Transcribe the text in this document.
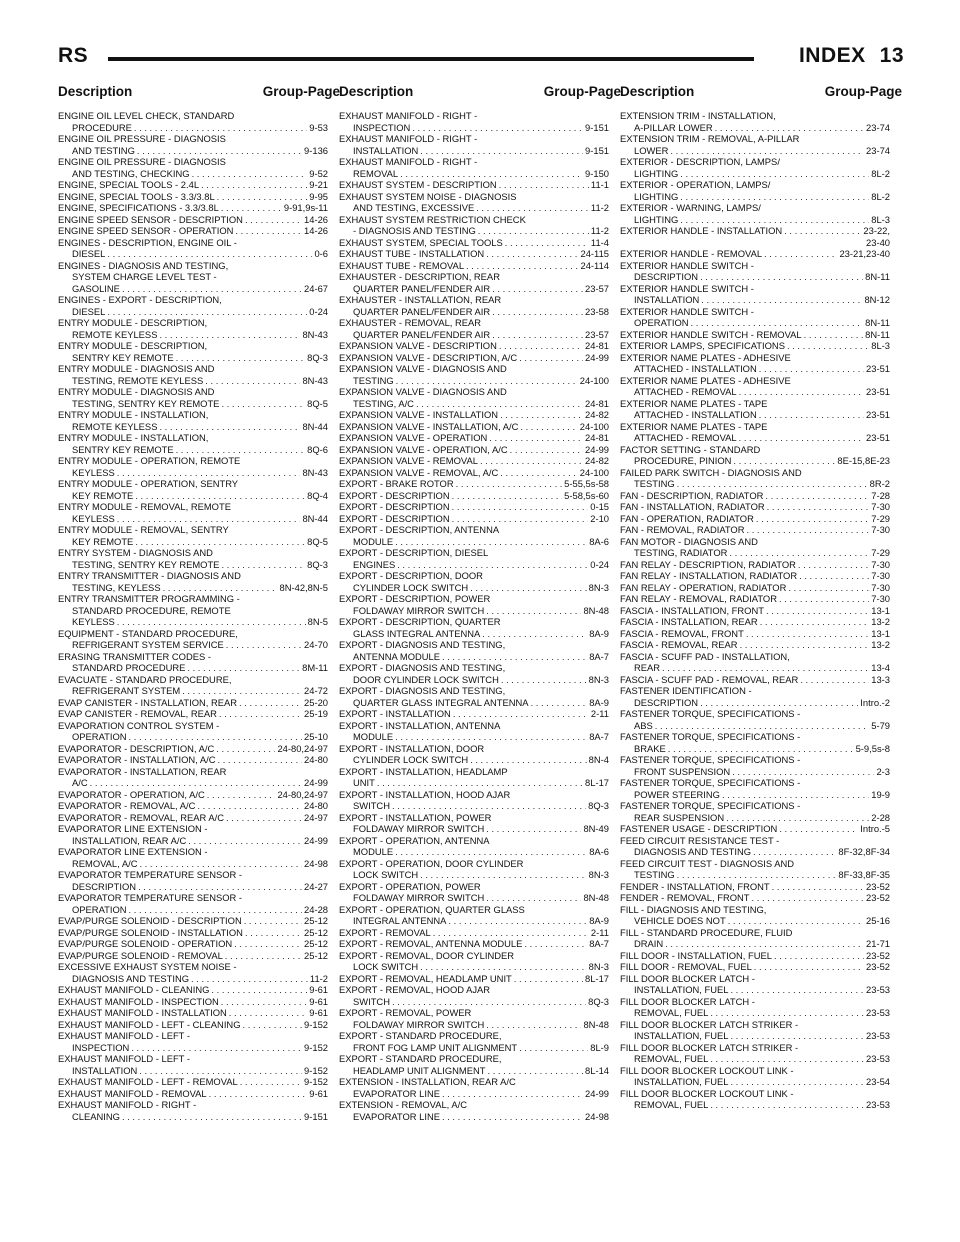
RS	INDEX 13
Description	Group-Page Description	Group-Page Description	Group-Page
ENGINE OIL LEVEL CHECK, STANDARD
PROCEDURE . . .	9-53
ENGINE OIL PRESSURE - DIAGNOSIS
AND TESTING . . .	9-136
ENGINE OIL PRESSURE - DIAGNOSIS
AND TESTING, CHECKING . . .	9-52
ENGINE, SPECIAL TOOLS - 2.4L . . .	9-21
ENGINE, SPECIAL TOOLS - 3.3/3.8L . . .	9-95
ENGINE, SPECIFICATIONS - 3.3/3.8L . . .	9-91,9s-11
ENGINE SPEED SENSOR - DESCRIPTION . . .	14-26
ENGINE SPEED SENSOR - OPERATION . . .	14-26
ENGINES - DESCRIPTION, ENGINE OIL -
DIESEL . . .	0-6
ENGINES - DIAGNOSIS AND TESTING,
SYSTEM CHARGE LEVEL TEST -
GASOLINE . . .	24-67
ENGINES - EXPORT - DESCRIPTION,
DIESEL . . .	0-24
ENTRY MODULE - DESCRIPTION,
REMOTE KEYLESS . . .	8N-43
ENTRY MODULE - DESCRIPTION,
SENTRY KEY REMOTE . . .	8Q-3
ENTRY MODULE - DIAGNOSIS AND
TESTING, REMOTE KEYLESS . . .	8N-43
ENTRY MODULE - DIAGNOSIS AND
TESTING, SENTRY KEY REMOTE . . .	8Q-5
ENTRY MODULE - INSTALLATION,
REMOTE KEYLESS . . .	8N-44
ENTRY MODULE - INSTALLATION,
SENTRY KEY REMOTE . . .	8Q-6
ENTRY MODULE - OPERATION, REMOTE
KEYLESS . . .	8N-43
ENTRY MODULE - OPERATION, SENTRY
KEY REMOTE . . .	8Q-4
ENTRY MODULE - REMOVAL, REMOTE
KEYLESS . . .	8N-44
ENTRY MODULE - REMOVAL, SENTRY
KEY REMOTE . . .	8Q-5
ENTRY SYSTEM - DIAGNOSIS AND
TESTING, SENTRY KEY REMOTE . . .	8Q-3
ENTRY TRANSMITTER - DIAGNOSIS AND
TESTING, KEYLESS . . .	8N-42,8N-5
ENTRY TRANSMITTER PROGRAMMING -
STANDARD PROCEDURE, REMOTE
KEYLESS . . .	8N-5
EQUIPMENT - STANDARD PROCEDURE,
REFRIGERANT SYSTEM SERVICE . . .	24-70
ERASING TRANSMITTER CODES -
STANDARD PROCEDURE . . .	8M-11
EVACUATE - STANDARD PROCEDURE,
REFRIGERANT SYSTEM . . .	24-72
EVAP CANISTER - INSTALLATION, REAR . . .	25-20
EVAP CANISTER - REMOVAL, REAR . . .	25-19
EVAPORATION CONTROL SYSTEM -
OPERATION . . .	25-10
EVAPORATOR - DESCRIPTION, A/C . . .	24-80,24-97
EVAPORATOR - INSTALLATION, A/C . . .	24-80
EVAPORATOR - INSTALLATION, REAR
A/C . . .	24-99
EVAPORATOR - OPERATION, A/C . . .	24-80,24-97
EVAPORATOR - REMOVAL, A/C . . .	24-80
EVAPORATOR - REMOVAL, REAR A/C . . .	24-97
EVAPORATOR LINE EXTENSION -
INSTALLATION, REAR A/C . . .	24-99
EVAPORATOR LINE EXTENSION -
REMOVAL, A/C . . .	24-98
EVAPORATOR TEMPERATURE SENSOR -
DESCRIPTION . . .	24-27
EVAPORATOR TEMPERATURE SENSOR -
OPERATION . . .	24-28
EVAP/PURGE SOLENOID - DESCRIPTION . . .	25-12
EVAP/PURGE SOLENOID - INSTALLATION . . .	25-12
EVAP/PURGE SOLENOID - OPERATION . . .	25-12
EVAP/PURGE SOLENOID - REMOVAL . . .	25-12
EXCESSIVE EXHAUST SYSTEM NOISE -
DIAGNOSIS AND TESTING . . .	11-2
EXHAUST MANIFOLD - CLEANING . . .	9-61
EXHAUST MANIFOLD - INSPECTION . . .	9-61
EXHAUST MANIFOLD - INSTALLATION . . .	9-61
EXHAUST MANIFOLD - LEFT - CLEANING . . .	9-152
EXHAUST MANIFOLD - LEFT -
INSPECTION . . .	9-152
EXHAUST MANIFOLD - LEFT -
INSTALLATION . . .	9-152
EXHAUST MANIFOLD - LEFT - REMOVAL . . .	9-152
EXHAUST MANIFOLD - REMOVAL . . .	9-61
EXHAUST MANIFOLD - RIGHT -
CLEANING . . .	9-151
EXHAUST MANIFOLD - RIGHT -
INSPECTION . . .	9-151
EXHAUST MANIFOLD - RIGHT -
INSTALLATION . . .	9-151
EXHAUST MANIFOLD - RIGHT -
REMOVAL . . .	9-150
EXHAUST SYSTEM - DESCRIPTION . . .	11-1
EXHAUST SYSTEM NOISE - DIAGNOSIS
AND TESTING, EXCESSIVE . . .	11-2
EXHAUST SYSTEM RESTRICTION CHECK
- DIAGNOSIS AND TESTING . . .	11-2
EXHAUST SYSTEM, SPECIAL TOOLS . . .	11-4
EXHAUST TUBE - INSTALLATION . . .	24-115
EXHAUST TUBE - REMOVAL . . .	24-114
EXHAUSTER - DESCRIPTION, REAR
QUARTER PANEL/FENDER AIR . . .	23-57
EXHAUSTER - INSTALLATION, REAR
QUARTER PANEL/FENDER AIR . . .	23-58
EXHAUSTER - REMOVAL, REAR
QUARTER PANEL/FENDER AIR . . .	23-57
EXPANSION VALVE - DESCRIPTION . . .	24-81
EXPANSION VALVE - DESCRIPTION, A/C . . .	24-99
EXPANSION VALVE - DIAGNOSIS AND
TESTING . . .	24-100
EXPANSION VALVE - DIAGNOSIS AND
TESTING, A/C . . .	24-81
EXPANSION VALVE - INSTALLATION . . .	24-82
EXPANSION VALVE - INSTALLATION, A/C . . .	24-100
EXPANSION VALVE - OPERATION . . .	24-81
EXPANSION VALVE - OPERATION, A/C . . .	24-99
EXPANSION VALVE - REMOVAL . . .	24-82
EXPANSION VALVE - REMOVAL, A/C . . .	24-100
EXPORT - BRAKE ROTOR . . .	5-55,5s-58
EXPORT - DESCRIPTION . . .	5-58,5s-60
EXPORT - DESCRIPTION . . .	0-15
EXPORT - DESCRIPTION . . .	2-10
EXPORT - DESCRIPTION, ANTENNA
MODULE . . .	8A-6
EXPORT - DESCRIPTION, DIESEL
ENGINES . . .	0-24
EXPORT - DESCRIPTION, DOOR
CYLINDER LOCK SWITCH . . .	8N-3
EXPORT - DESCRIPTION, POWER
FOLDAWAY MIRROR SWITCH . . .	8N-48
EXPORT - DESCRIPTION, QUARTER
GLASS INTEGRAL ANTENNA . . .	8A-9
EXPORT - DIAGNOSIS AND TESTING,
ANTENNA MODULE . . .	8A-7
EXPORT - DIAGNOSIS AND TESTING,
DOOR CYLINDER LOCK SWITCH . . .	8N-3
EXPORT - DIAGNOSIS AND TESTING,
QUARTER GLASS INTEGRAL ANTENNA . . .	8A-9
EXPORT - INSTALLATION . . .	2-11
EXPORT - INSTALLATION, ANTENNA
MODULE . . .	8A-7
EXPORT - INSTALLATION, DOOR
CYLINDER LOCK SWITCH . . .	8N-4
EXPORT - INSTALLATION, HEADLAMP
UNIT . . .	8L-17
EXPORT - INSTALLATION, HOOD AJAR
SWITCH . . .	8Q-3
EXPORT - INSTALLATION, POWER
FOLDAWAY MIRROR SWITCH . . .	8N-49
EXPORT - OPERATION, ANTENNA
MODULE . . .	8A-6
EXPORT - OPERATION, DOOR CYLINDER
LOCK SWITCH . . .	8N-3
EXPORT - OPERATION, POWER
FOLDAWAY MIRROR SWITCH . . .	8N-48
EXPORT - OPERATION, QUARTER GLASS
INTEGRAL ANTENNA . . .	8A-9
EXPORT - REMOVAL . . .	2-11
EXPORT - REMOVAL, ANTENNA MODULE . . .	8A-7
EXPORT - REMOVAL, DOOR CYLINDER
LOCK SWITCH . . .	8N-3
EXPORT - REMOVAL, HEADLAMP UNIT . . .	8L-17
EXPORT - REMOVAL, HOOD AJAR
SWITCH . . .	8Q-3
EXPORT - REMOVAL, POWER
FOLDAWAY MIRROR SWITCH . . .	8N-48
EXPORT - STANDARD PROCEDURE,
FRONT FOG LAMP UNIT ALIGNMENT . . .	8L-9
EXPORT - STANDARD PROCEDURE,
HEADLAMP UNIT ALIGNMENT . . .	8L-14
EXTENSION - INSTALLATION, REAR A/C
EVAPORATOR LINE . . .	24-99
EXTENSION - REMOVAL, A/C
EVAPORATOR LINE . . .	24-98
EXTENSION TRIM - INSTALLATION,
A-PILLAR LOWER . . .	23-74
EXTENSION TRIM - REMOVAL, A-PILLAR
LOWER . . .	23-74
EXTERIOR - DESCRIPTION, LAMPS/
LIGHTING . . .	8L-2
EXTERIOR - OPERATION, LAMPS/
LIGHTING . . .	8L-2
EXTERIOR - WARNING, LAMPS/
LIGHTING . . .	8L-3
EXTERIOR HANDLE - INSTALLATION . . .	23-22,
23-40
EXTERIOR HANDLE - REMOVAL . . .	23-21,23-40
EXTERIOR HANDLE SWITCH -
DESCRIPTION . . .	8N-11
EXTERIOR HANDLE SWITCH -
INSTALLATION . . .	8N-12
EXTERIOR HANDLE SWITCH -
OPERATION . . .	8N-11
EXTERIOR HANDLE SWITCH - REMOVAL . . .	8N-11
EXTERIOR LAMPS, SPECIFICATIONS . . .	8L-3
EXTERIOR NAME PLATES - ADHESIVE
ATTACHED - INSTALLATION . . .	23-51
EXTERIOR NAME PLATES - ADHESIVE
ATTACHED - REMOVAL . . .	23-51
EXTERIOR NAME PLATES - TAPE
ATTACHED - INSTALLATION . . .	23-51
EXTERIOR NAME PLATES - TAPE
ATTACHED - REMOVAL . . .	23-51
FACTOR SETTING - STANDARD
PROCEDURE, PINION . . .	8E-15,8E-23
FAILED PARK SWITCH - DIAGNOSIS AND
TESTING . . .	8R-2
FAN - DESCRIPTION, RADIATOR . . .	7-28
FAN - INSTALLATION, RADIATOR . . .	7-30
FAN - OPERATION, RADIATOR . . .	7-29
FAN - REMOVAL, RADIATOR . . .	7-30
FAN MOTOR - DIAGNOSIS AND
TESTING, RADIATOR . . .	7-29
FAN RELAY - DESCRIPTION, RADIATOR . . .	7-30
FAN RELAY - INSTALLATION, RADIATOR . . .	7-30
FAN RELAY - OPERATION, RADIATOR . . .	7-30
FAN RELAY - REMOVAL, RADIATOR . . .	7-30
FASCIA - INSTALLATION, FRONT . . .	13-1
FASCIA - INSTALLATION, REAR . . .	13-2
FASCIA - REMOVAL, FRONT . . .	13-1
FASCIA - REMOVAL, REAR . . .	13-2
FASCIA - SCUFF PAD - INSTALLATION,
REAR . . .	13-4
FASCIA - SCUFF PAD - REMOVAL, REAR . . .	13-3
FASTENER IDENTIFICATION -
DESCRIPTION . . .	Intro.-2
FASTENER TORQUE, SPECIFICATIONS -
ABS . . .	5-79
FASTENER TORQUE, SPECIFICATIONS -
BRAKE . . .	5-9,5s-8
FASTENER TORQUE, SPECIFICATIONS -
FRONT SUSPENSION . . .	2-3
FASTENER TORQUE, SPECIFICATIONS -
POWER STEERING . . .	19-9
FASTENER TORQUE, SPECIFICATIONS -
REAR SUSPENSION . . .	2-28
FASTENER USAGE - DESCRIPTION . . .	Intro.-5
FEED CIRCUIT RESISTANCE TEST -
DIAGNOSIS AND TESTING . . .	8F-32,8F-34
FEED CIRCUIT TEST - DIAGNOSIS AND
TESTING . . .	8F-33,8F-35
FENDER - INSTALLATION, FRONT . . .	23-52
FENDER - REMOVAL, FRONT . . .	23-52
FILL - DIAGNOSIS AND TESTING,
VEHICLE DOES NOT . . .	25-16
FILL - STANDARD PROCEDURE, FLUID
DRAIN . . .	21-71
FILL DOOR - INSTALLATION, FUEL . . .	23-52
FILL DOOR - REMOVAL, FUEL . . .	23-52
FILL DOOR BLOCKER LATCH -
INSTALLATION, FUEL . . .	23-53
FILL DOOR BLOCKER LATCH -
REMOVAL, FUEL . . .	23-53
FILL DOOR BLOCKER LATCH STRIKER -
INSTALLATION, FUEL . . .	23-53
FILL DOOR BLOCKER LATCH STRIKER -
REMOVAL, FUEL . . .	23-53
FILL DOOR BLOCKER LOCKOUT LINK -
INSTALLATION, FUEL . . .	23-54
FILL DOOR BLOCKER LOCKOUT LINK -
REMOVAL, FUEL . . .	23-53
